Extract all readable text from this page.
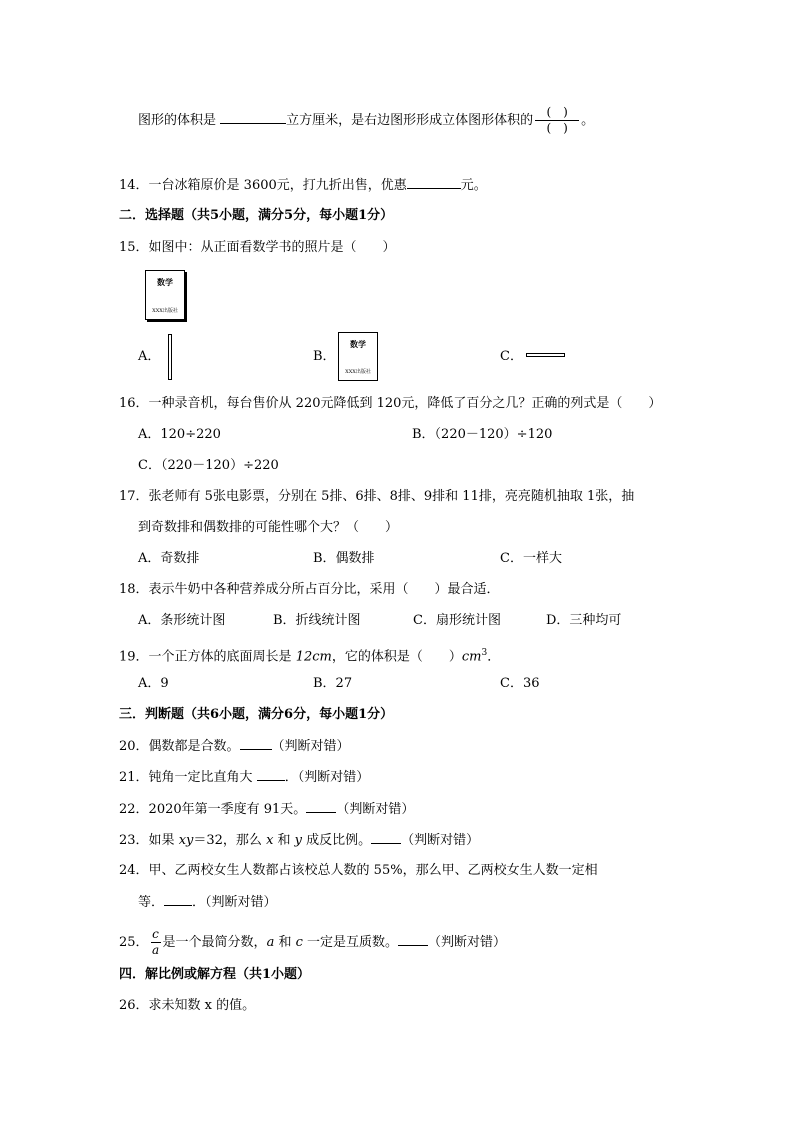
图形的体积是	立方厘米，是右边图形形成立体图形体积的 $\frac{( )}{( )}$ 。
14．一台冰箱原价是 3600元，打九折出售，优惠	元。
二．选择题（共5小题，满分5分，每小题1分）
15．如图中：从正面看数学书的照片是（　　）
数学
XXX出版社
A．	B．
数学
XXX出版社
C．
16．一种录音机，每台售价从 220元降低到 120元，降低了百分之几？正确的列式是（　　）
A．120÷220	B．（220－120）÷120
C．（220－120）÷220
17．张老师有 5张电影票，分别在 5排、6排、8排、9排和 11排，亮亮随机抽取 1张，抽
到奇数排和偶数排的可能性哪个大？（　　）
A．奇数排	B．偶数排	C．一样大
18．表示牛奶中各种营养成分所占百分比，采用（　　）最合适．
A．条形统计图	B．折线统计图	C．扇形统计图	D．三种均可
19．一个正方体的底面周长是 12cm，它的体积是（　　）$cm^3$．
A．9	B．27	C．36
三．判断题（共6小题，满分6分，每小题1分）
20．偶数都是合数。 （判断对错）
21．钝角一定比直角大 ．（判断对错）
22．2020年第一季度有 91天。 （判断对错）
23．如果 xy＝32，那么 x 和 y 成反比例。 （判断对错）
24．甲、乙两校女生人数都占该校总人数的 55%，那么甲、乙两校女生人数一定相
等． ．（判断对错）
25． $\frac{c}{a}$ 是一个最简分数，a 和 c 一定是互质数。 （判断对错）
四．解比例或解方程（共1小题）
26．求未知数 x 的值。
